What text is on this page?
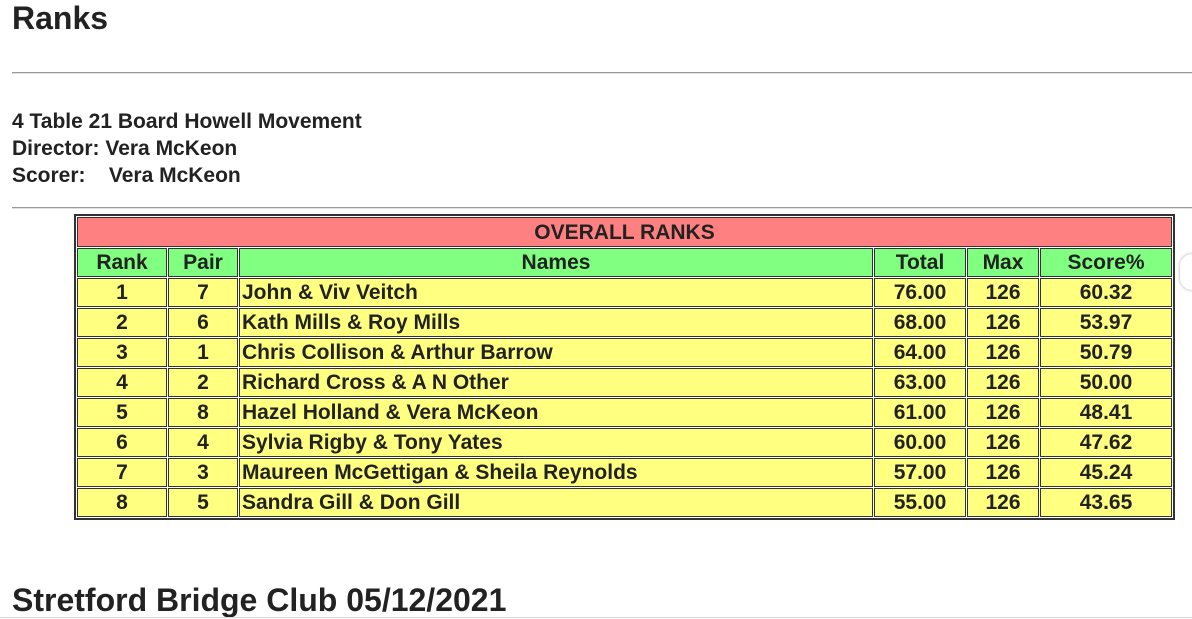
Ranks
4 Table 21 Board Howell Movement
Director: Vera McKeon
Scorer:    Vera McKeon
OVERALL RANKS					
Rank	Pair	Names	Total	Max	Score%
1	7	John & Viv Veitch	76.00	126	60.32
2	6	Kath Mills & Roy Mills	68.00	126	53.97
3	1	Chris Collison & Arthur Barrow	64.00	126	50.79
4	2	Richard Cross & A N Other	63.00	126	50.00
5	8	Hazel Holland & Vera McKeon	61.00	126	48.41
6	4	Sylvia Rigby & Tony Yates	60.00	126	47.62
7	3	Maureen McGettigan & Sheila Reynolds	57.00	126	45.24
8	5	Sandra Gill & Don Gill	55.00	126	43.65
Stretford Bridge Club 05/12/2021
